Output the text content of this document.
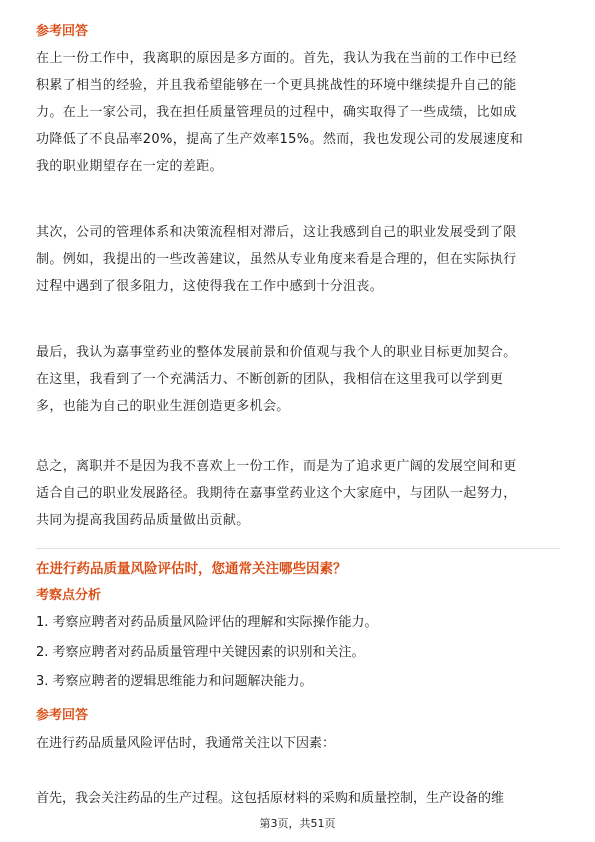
参考回答
在上一份工作中，我离职的原因是多方面的。首先，我认为我在当前的工作中已经
积累了相当的经验，并且我希望能够在一个更具挑战性的环境中继续提升自己的能
力。在上一家公司，我在担任质量管理员的过程中，确实取得了一些成绩，比如成
功降低了不良品率20%，提高了生产效率15%。然而，我也发现公司的发展速度和
我的职业期望存在一定的差距。
其次，公司的管理体系和决策流程相对滞后，这让我感到自己的职业发展受到了限
制。例如，我提出的一些改善建议，虽然从专业角度来看是合理的，但在实际执行
过程中遇到了很多阻力，这使得我在工作中感到十分沮丧。
最后，我认为嘉事堂药业的整体发展前景和价值观与我个人的职业目标更加契合。
在这里，我看到了一个充满活力、不断创新的团队，我相信在这里我可以学到更
多，也能为自己的职业生涯创造更多机会。
总之，离职并不是因为我不喜欢上一份工作，而是为了追求更广阔的发展空间和更
适合自己的职业发展路径。我期待在嘉事堂药业这个大家庭中，与团队一起努力，
共同为提高我国药品质量做出贡献。
在进行药品质量风险评估时，您通常关注哪些因素？
考察点分析
1. 考察应聘者对药品质量风险评估的理解和实际操作能力。
2. 考察应聘者对药品质量管理中关键因素的识别和关注。
3. 考察应聘者的逻辑思维能力和问题解决能力。
参考回答
在进行药品质量风险评估时，我通常关注以下因素：
首先，我会关注药品的生产过程。这包括原材料的采购和质量控制，生产设备的维
第3页，共51页
